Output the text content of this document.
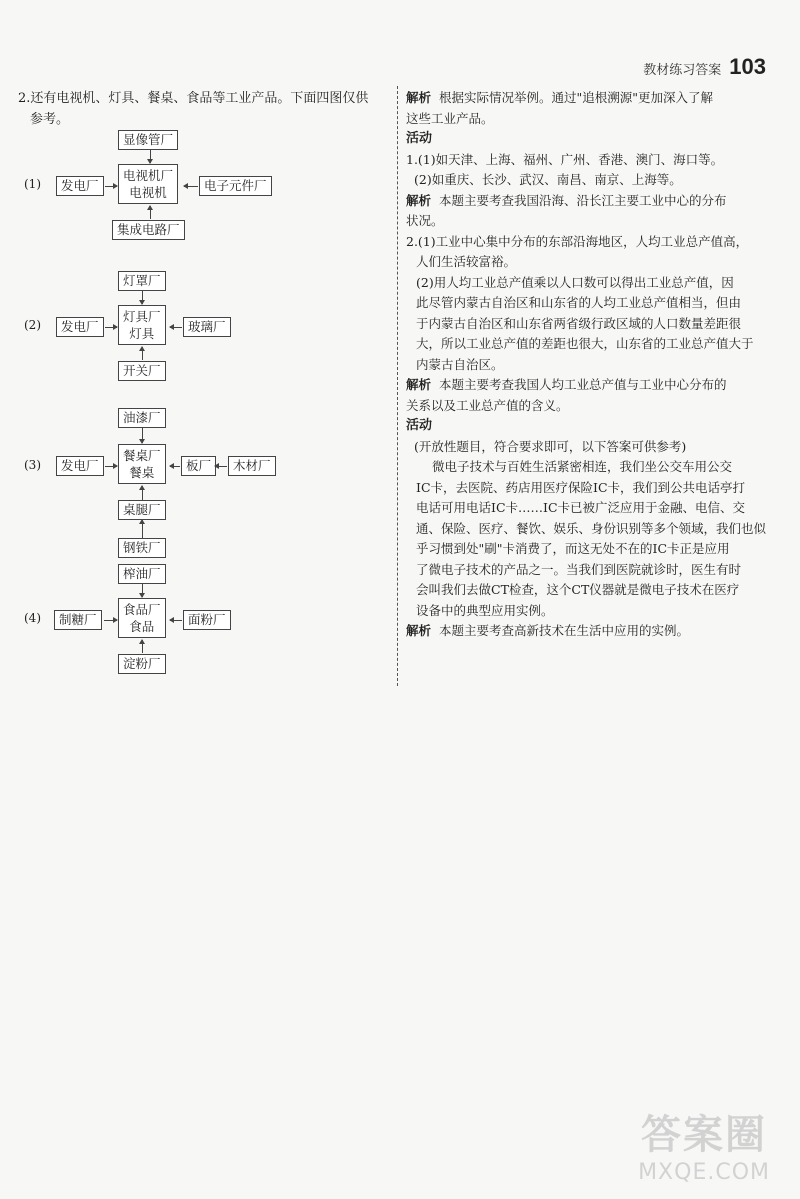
教材练习答案 103
2.还有电视机、灯具、餐桌、食品等工业产品。下面四图仅供
参考。
(1)
显像管厂
电视机厂
电视机
发电厂	电子元件厂
集成电路厂
(2)
灯罩厂
灯具厂
灯具
发电厂	玻璃厂
开关厂
(3)
油漆厂
餐桌厂
餐桌
发电厂	板厂	木材厂
桌腿厂
钢铁厂
(4)
榨油厂
食品厂
食品
制糖厂	面粉厂
淀粉厂

解析 根据实际情况举例。通过"追根溯源"更加深入了解

这些工业产品。

活动

1.(1)如天津、上海、福州、广州、香港、澳门、海口等。

(2)如重庆、长沙、武汉、南昌、南京、上海等。

解析 本题主要考查我国沿海、沿长江主要工业中心的分布

状况。

2.(1)工业中心集中分布的东部沿海地区，人均工业总产值高，

人们生活较富裕。

(2)用人均工业总产值乘以人口数可以得出工业总产值，因

此尽管内蒙古自治区和山东省的人均工业总产值相当，但由

于内蒙古自治区和山东省两省级行政区域的人口数量差距很

大，所以工业总产值的差距也很大，山东省的工业总产值大于

内蒙古自治区。

解析 本题主要考查我国人均工业总产值与工业中心分布的

关系以及工业总产值的含义。

活动

(开放性题目，符合要求即可，以下答案可供参考)

微电子技术与百姓生活紧密相连，我们坐公交车用公交

IC卡，去医院、药店用医疗保险IC卡，我们到公共电话亭打

电话可用电话IC卡……IC卡已被广泛应用于金融、电信、交

通、保险、医疗、餐饮、娱乐、身份识别等多个领域，我们也似

乎习惯到处"刷"卡消费了，而这无处不在的IC卡正是应用

了微电子技术的产品之一。当我们到医院就诊时，医生有时

会叫我们去做CT检查，这个CT仪器就是微电子技术在医疗

设备中的典型应用实例。

解析 本题主要考查高新技术在生活中应用的实例。

答案圈
MXQE.COM
